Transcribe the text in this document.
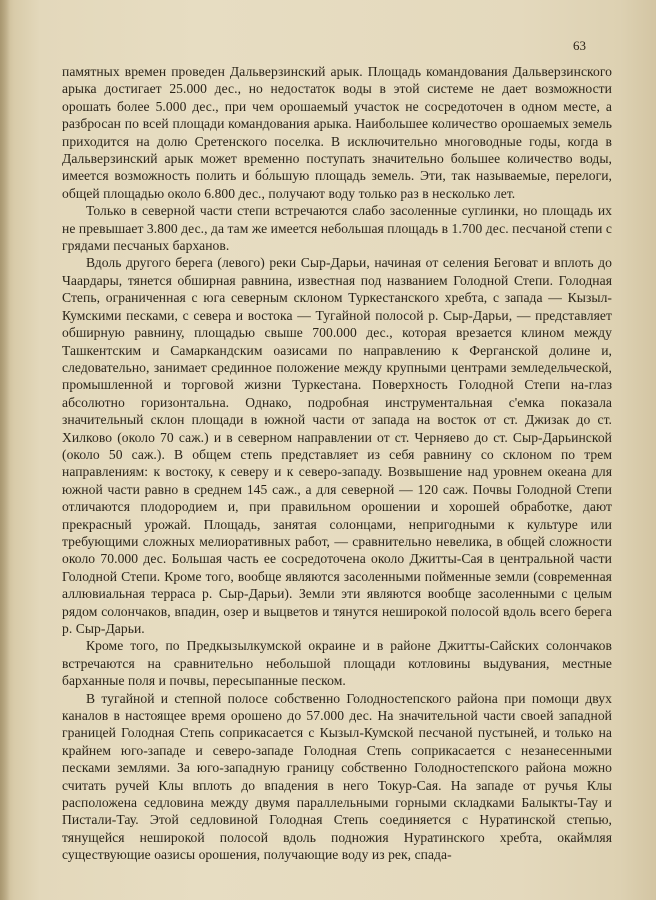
63

памятных времен проведен Дальверзинский арык. Площадь командования Дальверзинского арыка достигает 25.000 дес., но недостаток воды в этой системе не дает возможности орошать более 5.000 дес., при чем орошаемый участок не сосредоточен в одном месте, а разбросан по всей площади командования арыка. Наибольшее количество орошаемых земель приходится на долю Сретенского поселка. В исключительно многоводные годы, когда в Дальверзинский арык может временно поступать значительно большее количество воды, имеется возможность полить и бо́льшую площадь земель. Эти, так называемые, перелоги, общей площадью около 6.800 дес., получают воду только раз в несколько лет.

Только в северной части степи встречаются слабо засоленные суглинки, но площадь их не превышает 3.800 дес., да там же имеется небольшая площадь в 1.700 дес. песчаной степи с грядами песчаных барханов.

Вдоль другого берега (левого) реки Сыр-Дарьи, начиная от селения Беговат и вплоть до Чаардары, тянется обширная равнина, известная под названием Голодной Степи. Голодная Степь, ограниченная с юга северным склоном Туркестанского хребта, с запада — Кызыл-Кумскими песками, с севера и востока — Тугайной полосой р. Сыр-Дарьи, — представляет обширную равнину, площадью свыше 700.000 дес., которая врезается клином между Ташкентским и Самаркандским оазисами по направлению к Ферганской долине и, следовательно, занимает срединное положение между крупными центрами земледельческой, промышленной и торговой жизни Туркестана. Поверхность Голодной Степи на-глаз абсолютно горизонтальна. Однако, подробная инструментальная с'емка показала значительный склон площади в южной части от запада на восток от ст. Джизак до ст. Хилково (около 70 саж.) и в северном направлении от ст. Черняево до ст. Сыр-Дарьинской (около 50 саж.). В общем степь представляет из себя равнину со склоном по трем направлениям: к востоку, к северу и к северо-западу. Возвышение над уровнем океана для южной части равно в среднем 145 саж., а для северной — 120 саж. Почвы Голодной Степи отличаются плодородием и, при правильном орошении и хорошей обработке, дают прекрасный урожай. Площадь, занятая солонцами, непригодными к культуре или требующими сложных мелиоративных работ, — сравнительно невелика, в общей сложности около 70.000 дес. Большая часть ее сосредоточена около Джитты-Сая в центральной части Голодной Степи. Кроме того, вообще являются засоленными пойменные земли (современная аллювиальная терраса р. Сыр-Дарьи). Земли эти являются вообще засоленными с целым рядом солончаков, впадин, озер и выцветов и тянутся неширокой полосой вдоль всего берега р. Сыр-Дарьи.

Кроме того, по Предкызылкумской окраине и в районе Джитты-Сайских солончаков встречаются на сравнительно небольшой площади котловины выдувания, местные барханные поля и почвы, пересыпанные песком.

В тугайной и степной полосе собственно Голодностепского района при помощи двух каналов в настоящее время орошено до 57.000 дес. На значительной части своей западной границей Голодная Степь соприкасается с Кызыл-Кумской песчаной пустыней, и только на крайнем юго-западе и северо-западе Голодная Степь соприкасается с незанесенными песками землями. За юго-западную границу собственно Голодностепского района можно считать ручей Клы вплоть до впадения в него Токур-Сая. На западе от ручья Клы расположена седловина между двумя параллельными горными складками Балыкты-Тау и Пистали-Тау. Этой седловиной Голодная Степь соединяется с Нуратинской степью, тянущейся неширокой полосой вдоль подножия Нуратинского хребта, окаймляя существующие оазисы орошения, получающие воду из рек, спада-
